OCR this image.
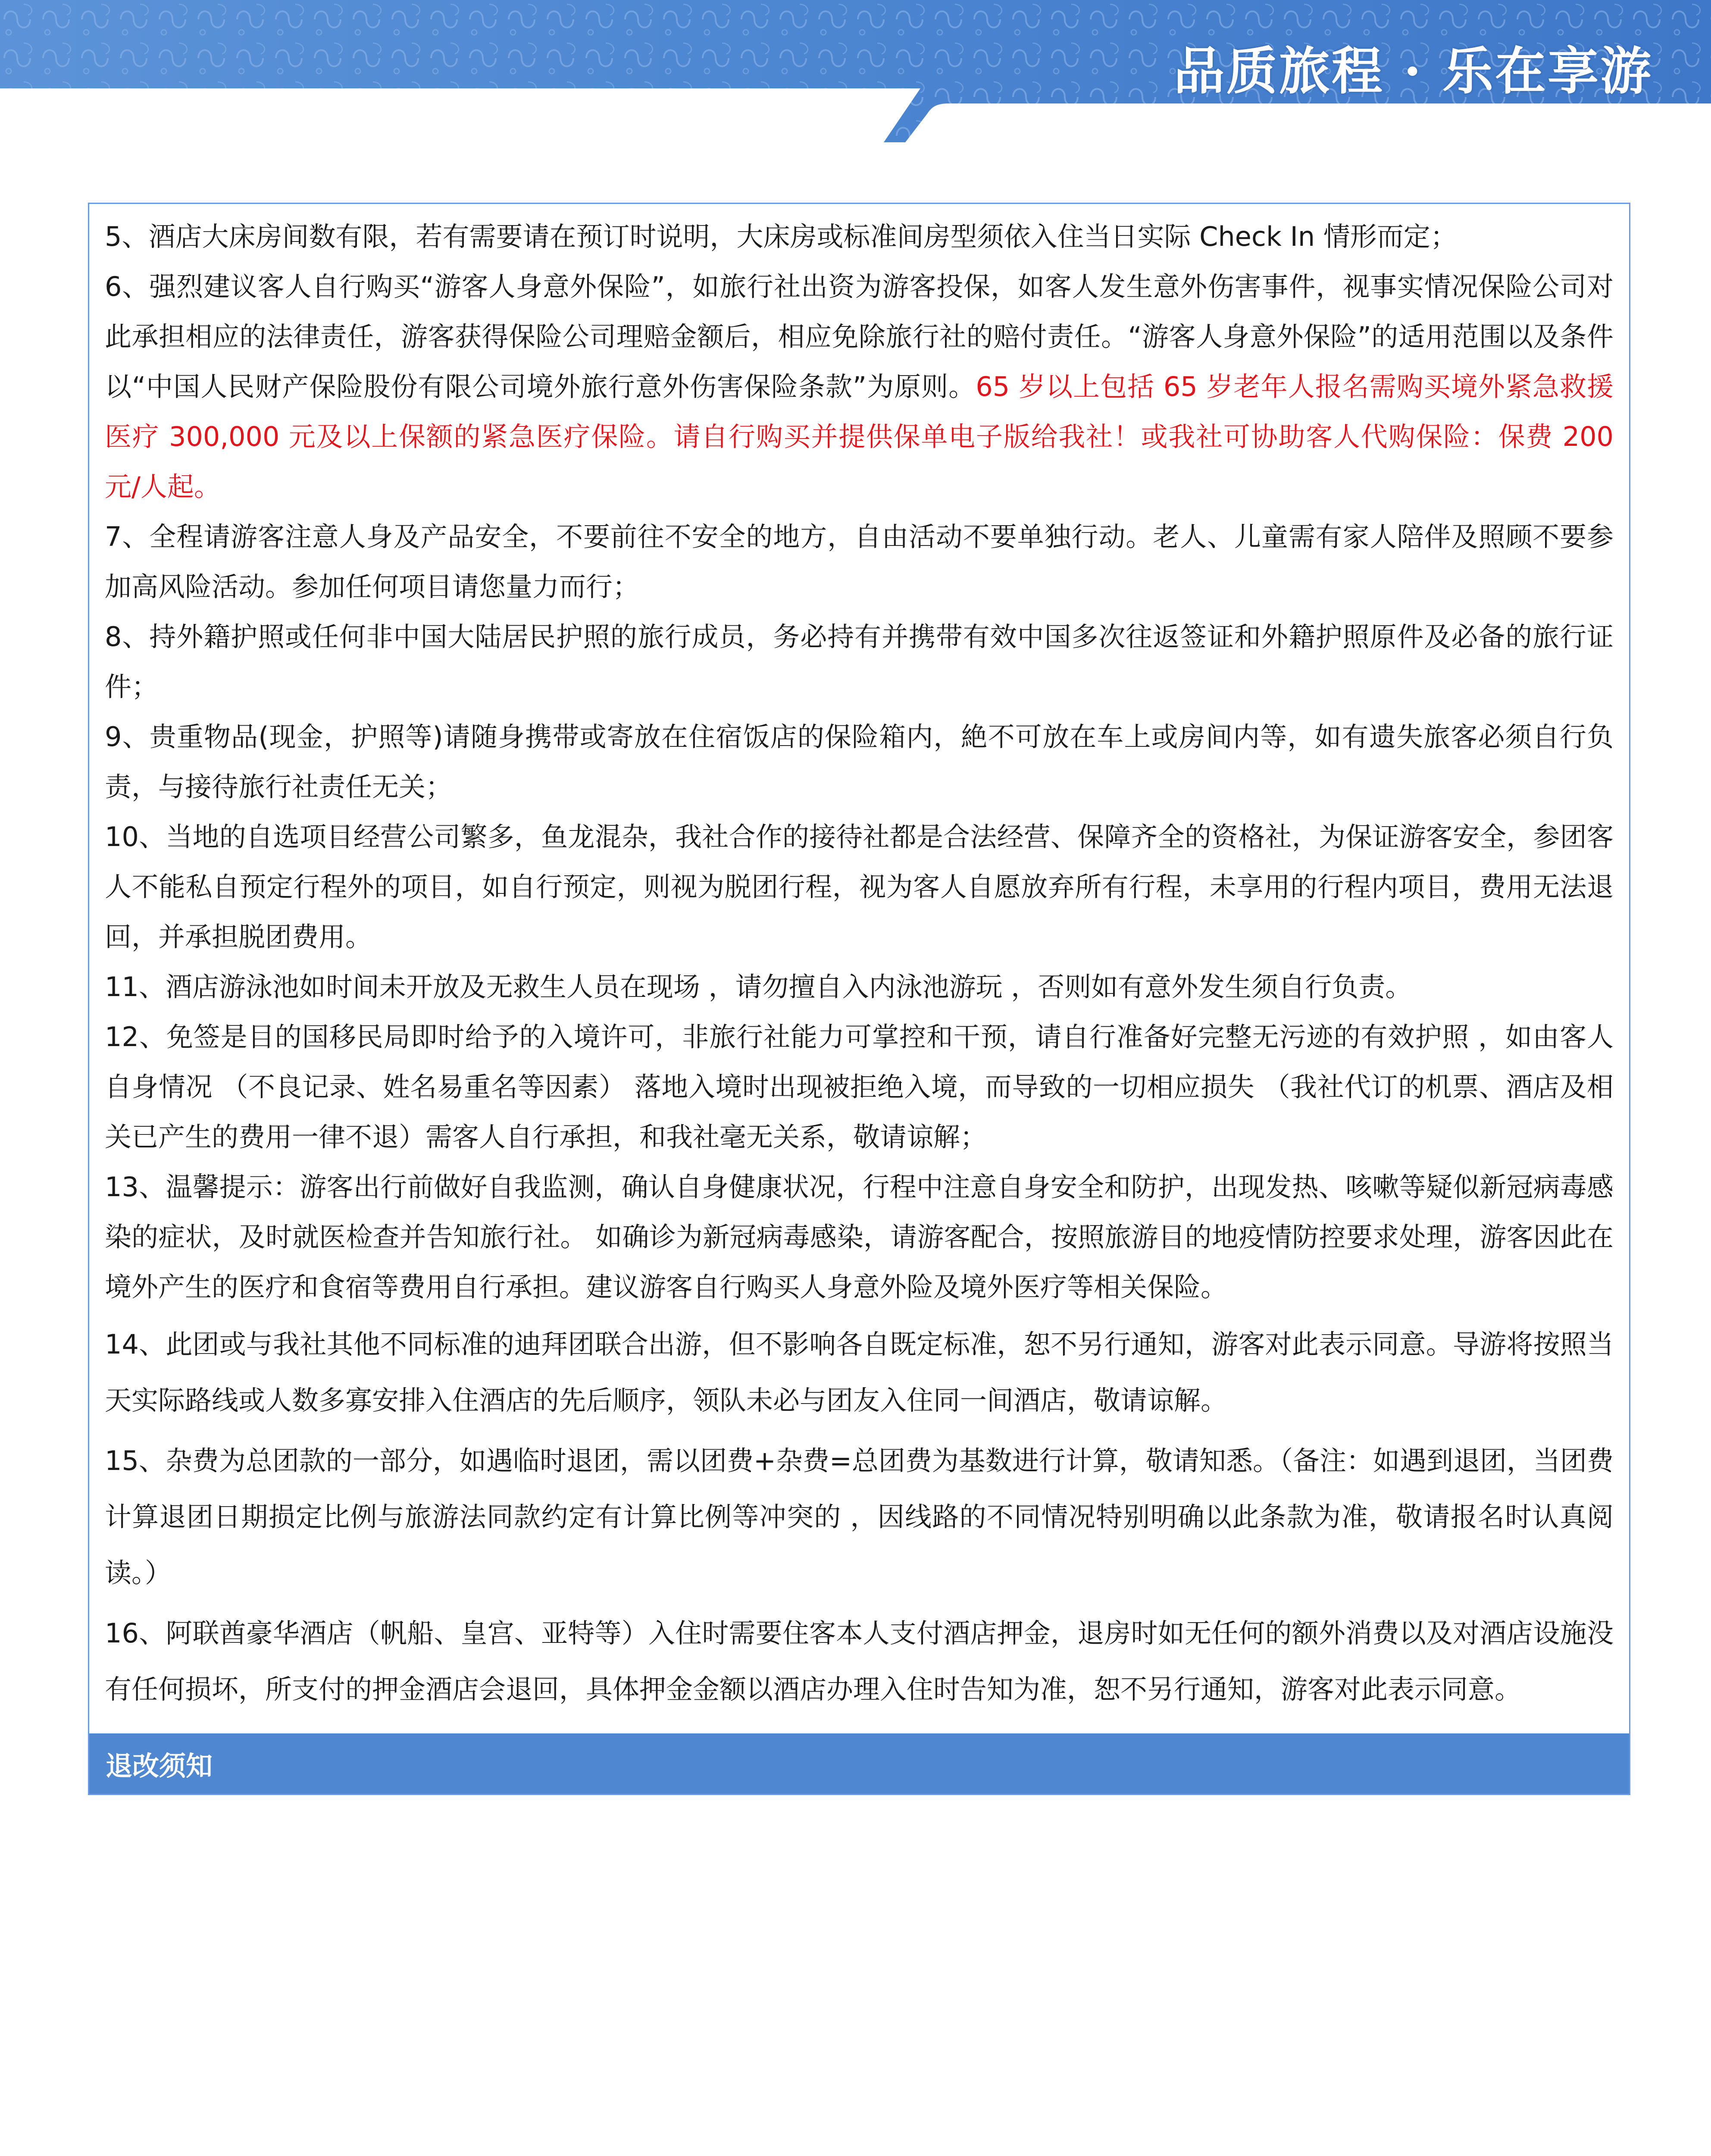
品质旅程 · 乐在享游

5、酒店大床房间数有限，若有需要请在预订时说明，大床房或标准间房型须依入住当日实际 Check In 情形而定；

6、强烈建议客人自行购买“游客人身意外保险”，如旅行社出资为游客投保，如客人发生意外伤害事件，视事实情况保险公司对此承担相应的法律责任，游客获得保险公司理赔金额后，相应免除旅行社的赔付责任。“游客人身意外保险”的适用范围以及条件以“中国人民财产保险股份有限公司境外旅行意外伤害保险条款”为原则。65 岁以上包括 65 岁老年人报名需购买境外紧急救援医疗 300,000 元及以上保额的紧急医疗保险。请自行购买并提供保单电子版给我社！或我社可协助客人代购保险：保费 200 元/人起。

7、全程请游客注意人身及产品安全，不要前往不安全的地方，自由活动不要单独行动。老人、儿童需有家人陪伴及照顾不要参加高风险活动。参加任何项目请您量力而行；

8、持外籍护照或任何非中国大陆居民护照的旅行成员，务必持有并携带有效中国多次往返签证和外籍护照原件及必备的旅行证件；

9、贵重物品(现金，护照等)请随身携带或寄放在住宿饭店的保险箱内，絶不可放在车上或房间内等，如有遗失旅客必须自行负责，与接待旅行社责任无关；

10、当地的自选项目经营公司繁多，鱼龙混杂，我社合作的接待社都是合法经营、保障齐全的资格社，为保证游客安全，参团客人不能私自预定行程外的项目，如自行预定，则视为脱团行程，视为客人自愿放弃所有行程，未享用的行程内项目，费用无法退回，并承担脱团费用。

11、酒店游泳池如时间未开放及无救生人员在现场 ，请勿擅自入内泳池游玩 ，否则如有意外发生须自行负责。

12、免签是目的国移民局即时给予的入境许可，非旅行社能力可掌控和干预，请自行准备好完整无污迹的有效护照 ，如由客人自身情况 （不良记录、姓名易重名等因素） 落地入境时出现被拒绝入境，而导致的一切相应损失 （我社代订的机票、酒店及相关已产生的费用一律不退）需客人自行承担，和我社毫无关系，敬请谅解；

13、温馨提示：游客出行前做好自我监测，确认自身健康状况，行程中注意自身安全和防护，出现发热、咳嗽等疑似新冠病毒感染的症状，及时就医检查并告知旅行社。 如确诊为新冠病毒感染，请游客配合，按照旅游目的地疫情防控要求处理，游客因此在境外产生的医疗和食宿等费用自行承担。建议游客自行购买人身意外险及境外医疗等相关保险。

14、此团或与我社其他不同标准的迪拜团联合出游，但不影响各自既定标准，恕不另行通知，游客对此表示同意。导游将按照当天实际路线或人数多寡安排入住酒店的先后顺序，领队未必与团友入住同一间酒店，敬请谅解。

15、杂费为总团款的一部分，如遇临时退团，需以团费+杂费=总团费为基数进行计算，敬请知悉。（备注：如遇到退团，当团费计算退团日期损定比例与旅游法同款约定有计算比例等冲突的 ，因线路的不同情况特别明确以此条款为准，敬请报名时认真阅读。）

16、阿联酋豪华酒店（帆船、皇宫、亚特等）入住时需要住客本人支付酒店押金，退房时如无任何的额外消费以及对酒店设施没有任何损坏，所支付的押金酒店会退回，具体押金金额以酒店办理入住时告知为准，恕不另行通知，游客对此表示同意。

退改须知
